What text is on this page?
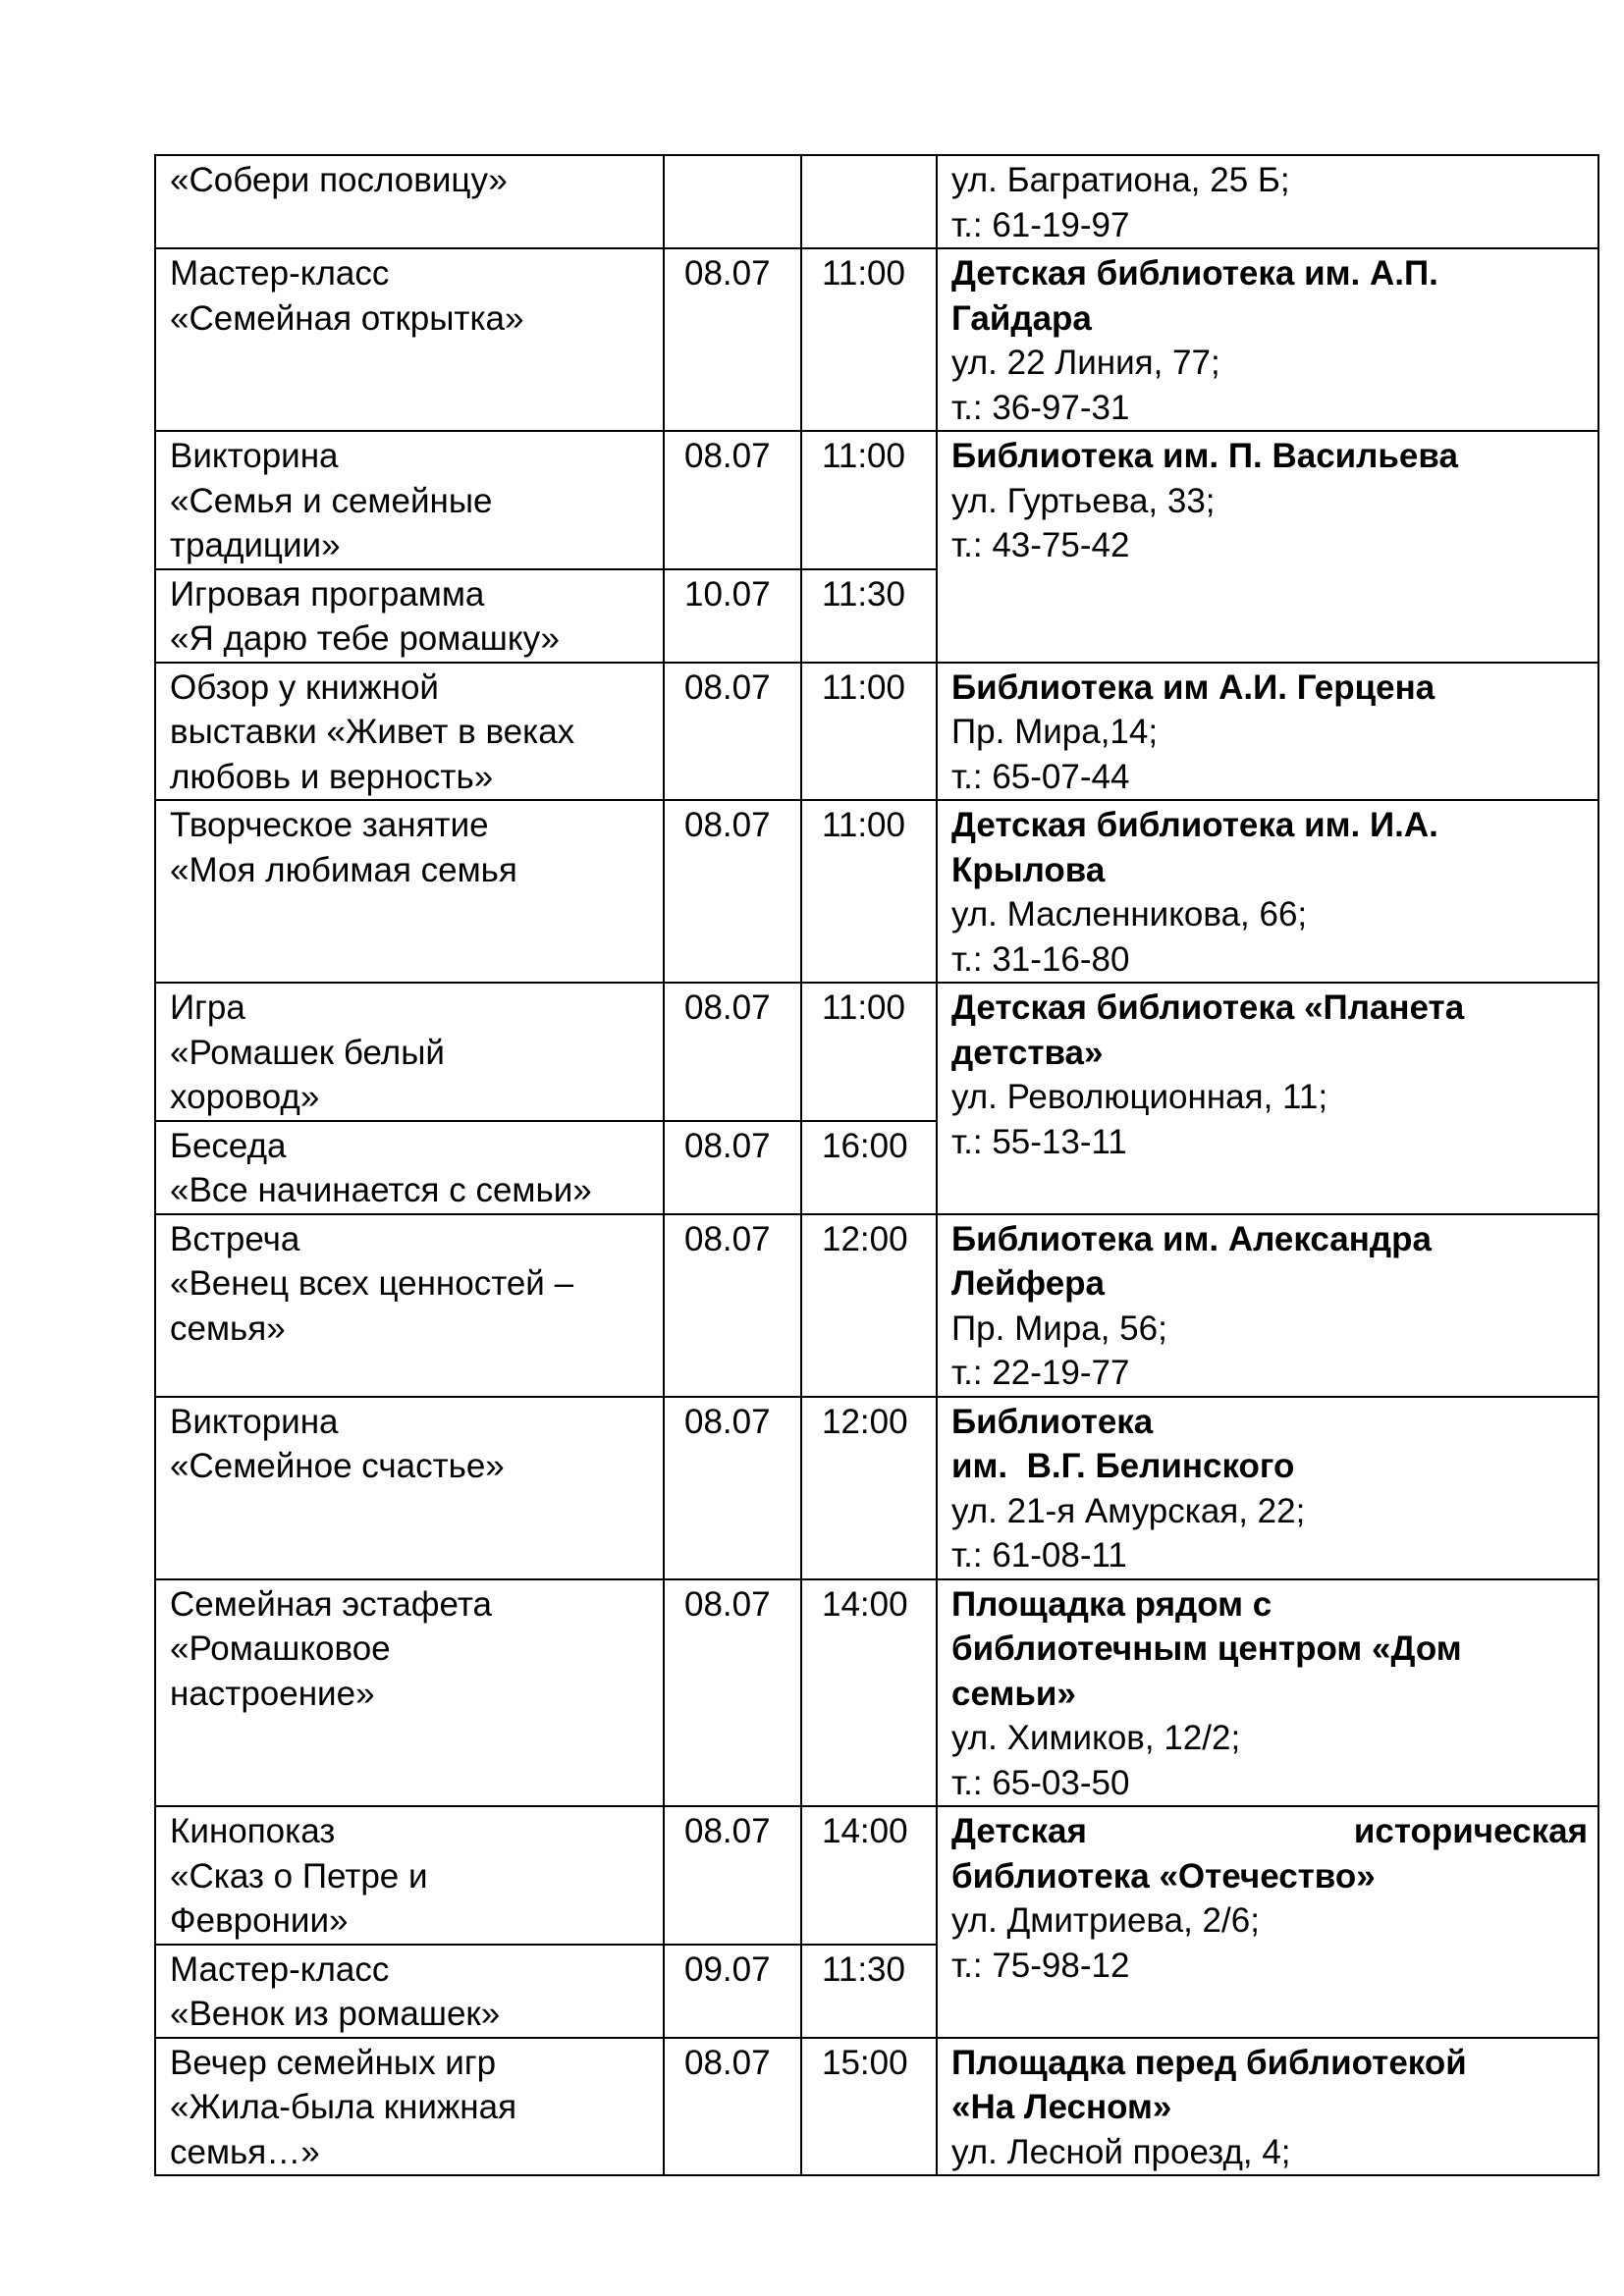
«Собери пословицу»			ул. Багратиона, 25 Б;
т.: 61-19-97

Мастер-класс
«Семейная открытка»	08.07	11:00	Детская библиотека им. А.П.
Гайдара
ул. 22 Линия, 77;
т.: 36-97-31

Викторина
«Семья и семейные
традиции»	08.07	11:00	Библиотека им. П. Васильева
ул. Гуртьева, 33;
т.: 43-75-42

Игровая программа
«Я дарю тебе ромашку»	10.07	11:30	

Обзор у книжной
выставки «Живет в веках
любовь и верность»	08.07	11:00	Библиотека им А.И. Герцена
Пр. Мира,14;
т.: 65-07-44

Творческое занятие
«Моя любимая семья	08.07	11:00	Детская библиотека им. И.А.
Крылова
ул. Масленникова, 66;
т.: 31-16-80

Игра
«Ромашек белый
хоровод»	08.07	11:00	Детская библиотека «Планета
детства»
ул. Революционная, 11;
т.: 55-13-11

Беседа
«Все начинается с семьи»	08.07	16:00	

Встреча
«Венец всех ценностей –
семья»	08.07	12:00	Библиотека им. Александра
Лейфера
Пр. Мира, 56;
т.: 22-19-77

Викторина
«Семейное счастье»	08.07	12:00	Библиотека
им.  В.Г. Белинского
ул. 21-я Амурская, 22;
т.: 61-08-11

Семейная эстафета
«Ромашковое
настроение»	08.07	14:00	Площадка рядом с
библиотечным центром «Дом
семьи»
ул. Химиков, 12/2;
т.: 65-03-50

Кинопоказ
«Сказ о Петре и
Февронии»	08.07	14:00	Детская историческая
библиотека «Отечество»
ул. Дмитриева, 2/6;
т.: 75-98-12

Мастер-класс
«Венок из ромашек»	09.07	11:30	

Вечер семейных игр
«Жила-была книжная
семья…»	08.07	15:00	Площадка перед библиотекой
«На Лесном»
ул. Лесной проезд, 4;
